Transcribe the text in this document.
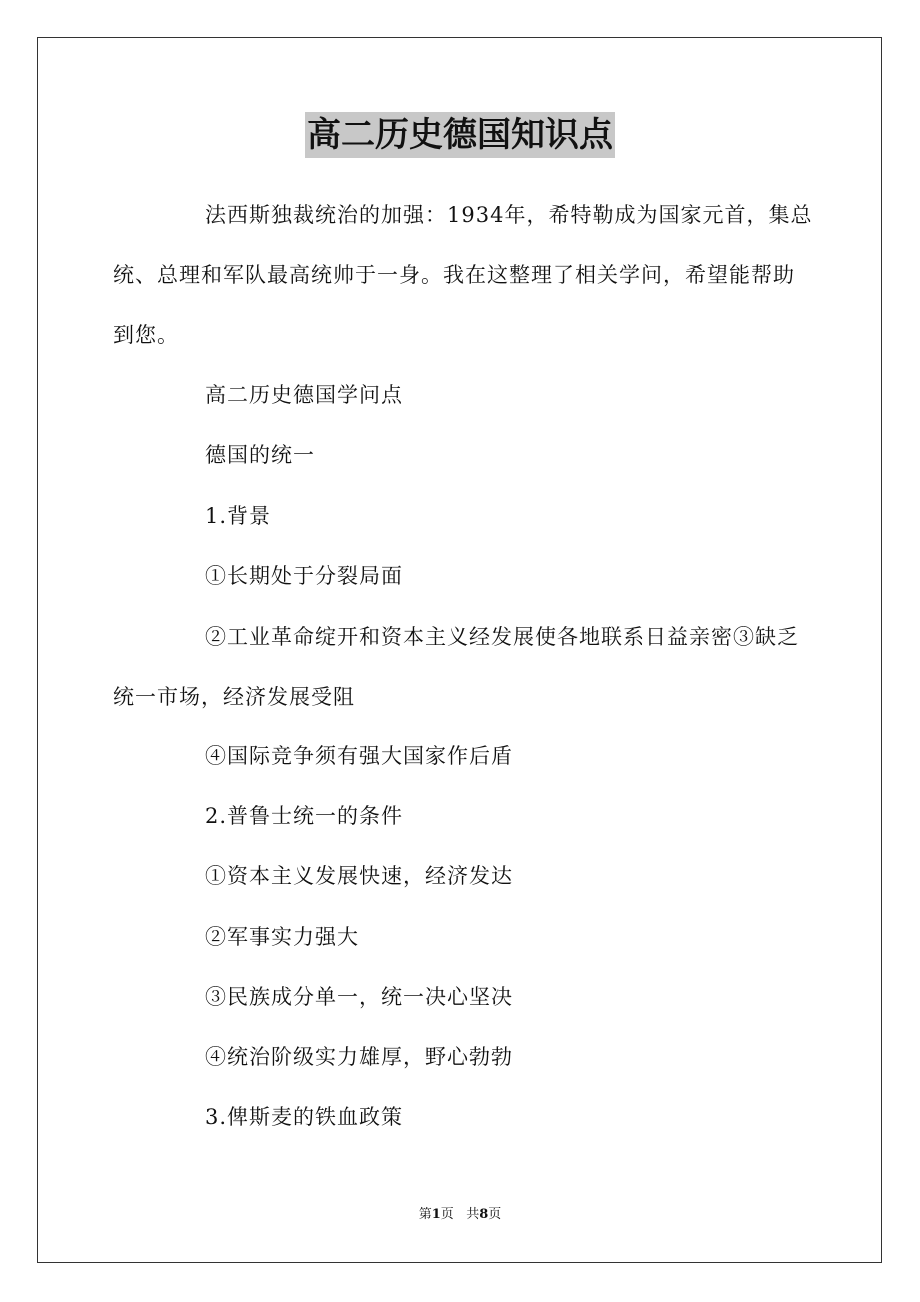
高二历史德国知识点

法西斯独裁统治的加强：1934年，希特勒成为国家元首，集总统、总理和军队最高统帅于一身。我在这整理了相关学问，希望能帮助到您。

高二历史德国学问点
德国的统一
1.背景
①长期处于分裂局面

②工业革命绽开和资本主义经发展使各地联系日益亲密③缺乏统一市场，经济发展受阻

④国际竞争须有强大国家作后盾
2.普鲁士统一的条件
①资本主义发展快速，经济发达
②军事实力强大
③民族成分单一，统一决心坚决
④统治阶级实力雄厚，野心勃勃
3.俾斯麦的铁血政策
第1页 共8页
